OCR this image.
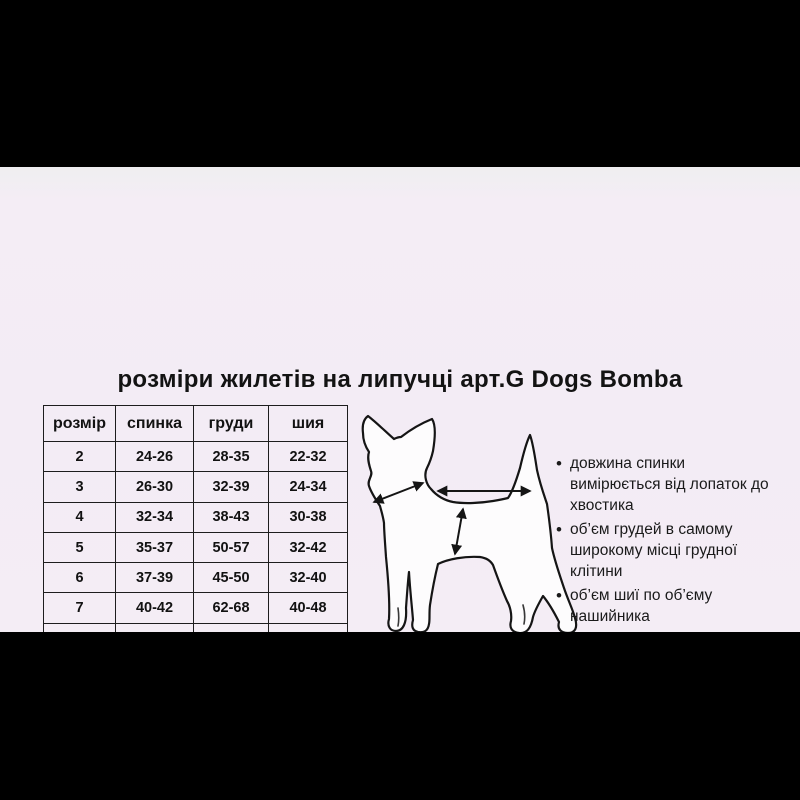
розміри жилетів на липучці арт.G Dogs Bomba
розмір	спинка	груди	шия
2	24-26	28-35	22-32
3	26-30	32-39	24-34
4	32-34	38-43	30-38
5	35-37	50-57	32-42
6	37-39	45-50	32-40
7	40-42	62-68	40-48

• довжина спинки вимірюється від лопаток до хвостика
• об’єм грудей в самому широкому місці грудної клітини
• об’єм шиї по об’єму нашийника
